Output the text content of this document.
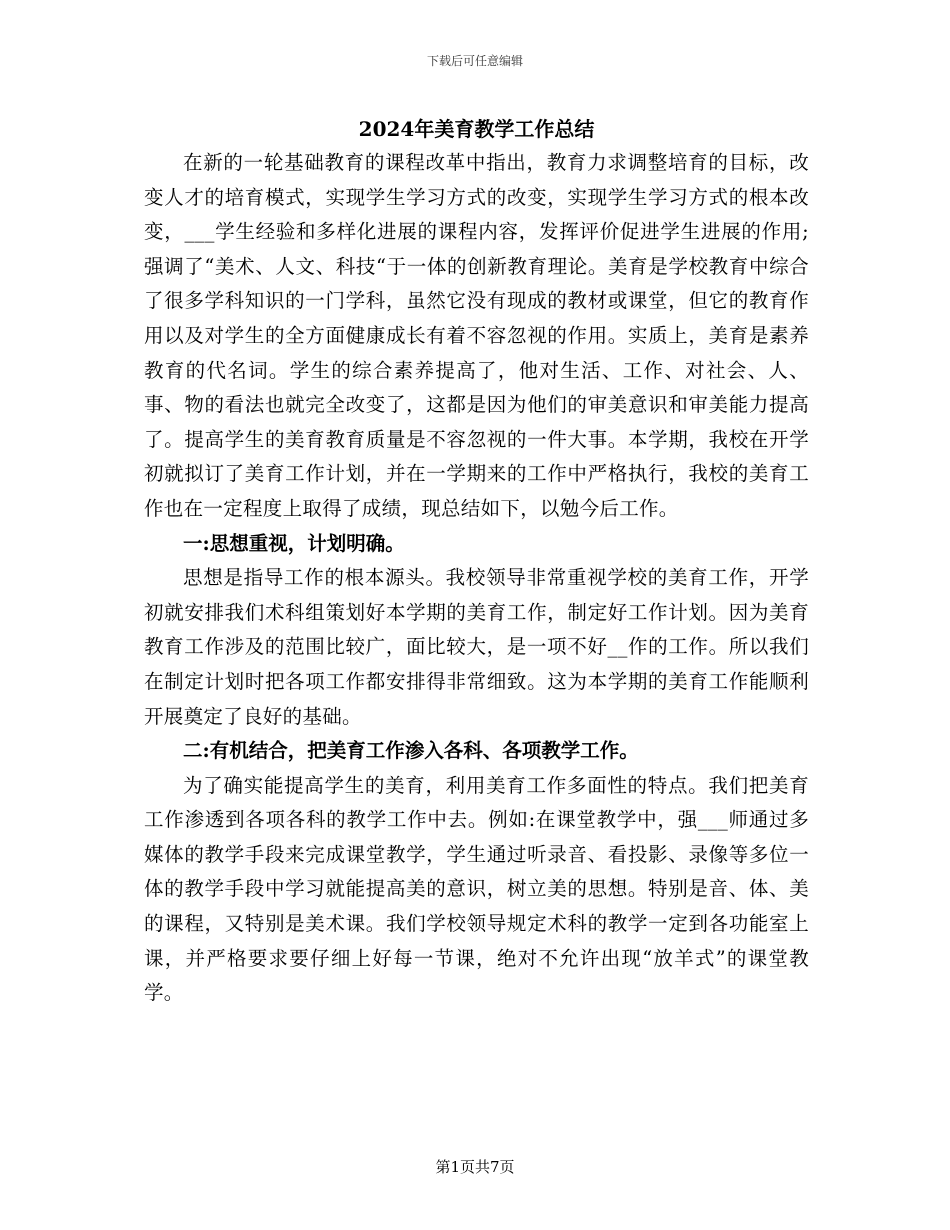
下载后可任意编辑
2024年美育教学工作总结

在新的一轮基础教育的课程改革中指出，教育力求调整培育的目标，改变人才的培育模式，实现学生学习方式的改变，实现学生学习方式的根本改变，___学生经验和多样化进展的课程内容，发挥评价促进学生进展的作用;强调了“美术、人文、科技“于一体的创新教育理论。美育是学校教育中综合了很多学科知识的一门学科，虽然它没有现成的教材或课堂，但它的教育作用以及对学生的全方面健康成长有着不容忽视的作用。实质上，美育是素养教育的代名词。学生的综合素养提高了，他对生活、工作、对社会、人、事、物的看法也就完全改变了，这都是因为他们的审美意识和审美能力提高了。提高学生的美育教育质量是不容忽视的一件大事。本学期，我校在开学初就拟订了美育工作计划，并在一学期来的工作中严格执行，我校的美育工作也在一定程度上取得了成绩，现总结如下，以勉今后工作。

一:思想重视，计划明确。

思想是指导工作的根本源头。我校领导非常重视学校的美育工作，开学初就安排我们术科组策划好本学期的美育工作，制定好工作计划。因为美育教育工作涉及的范围比较广，面比较大，是一项不好__作的工作。所以我们在制定计划时把各项工作都安排得非常细致。这为本学期的美育工作能顺利开展奠定了良好的基础。

二:有机结合，把美育工作渗入各科、各项教学工作。

为了确实能提高学生的美育，利用美育工作多面性的特点。我们把美育工作渗透到各项各科的教学工作中去。例如:在课堂教学中，强___师通过多媒体的教学手段来完成课堂教学，学生通过听录音、看投影、录像等多位一体的教学手段中学习就能提高美的意识，树立美的思想。特别是音、体、美的课程，又特别是美术课。我们学校领导规定术科的教学一定到各功能室上课，并严格要求要仔细上好每一节课，绝对不允许出现“放羊式”的课堂教学。

第1页共7页
